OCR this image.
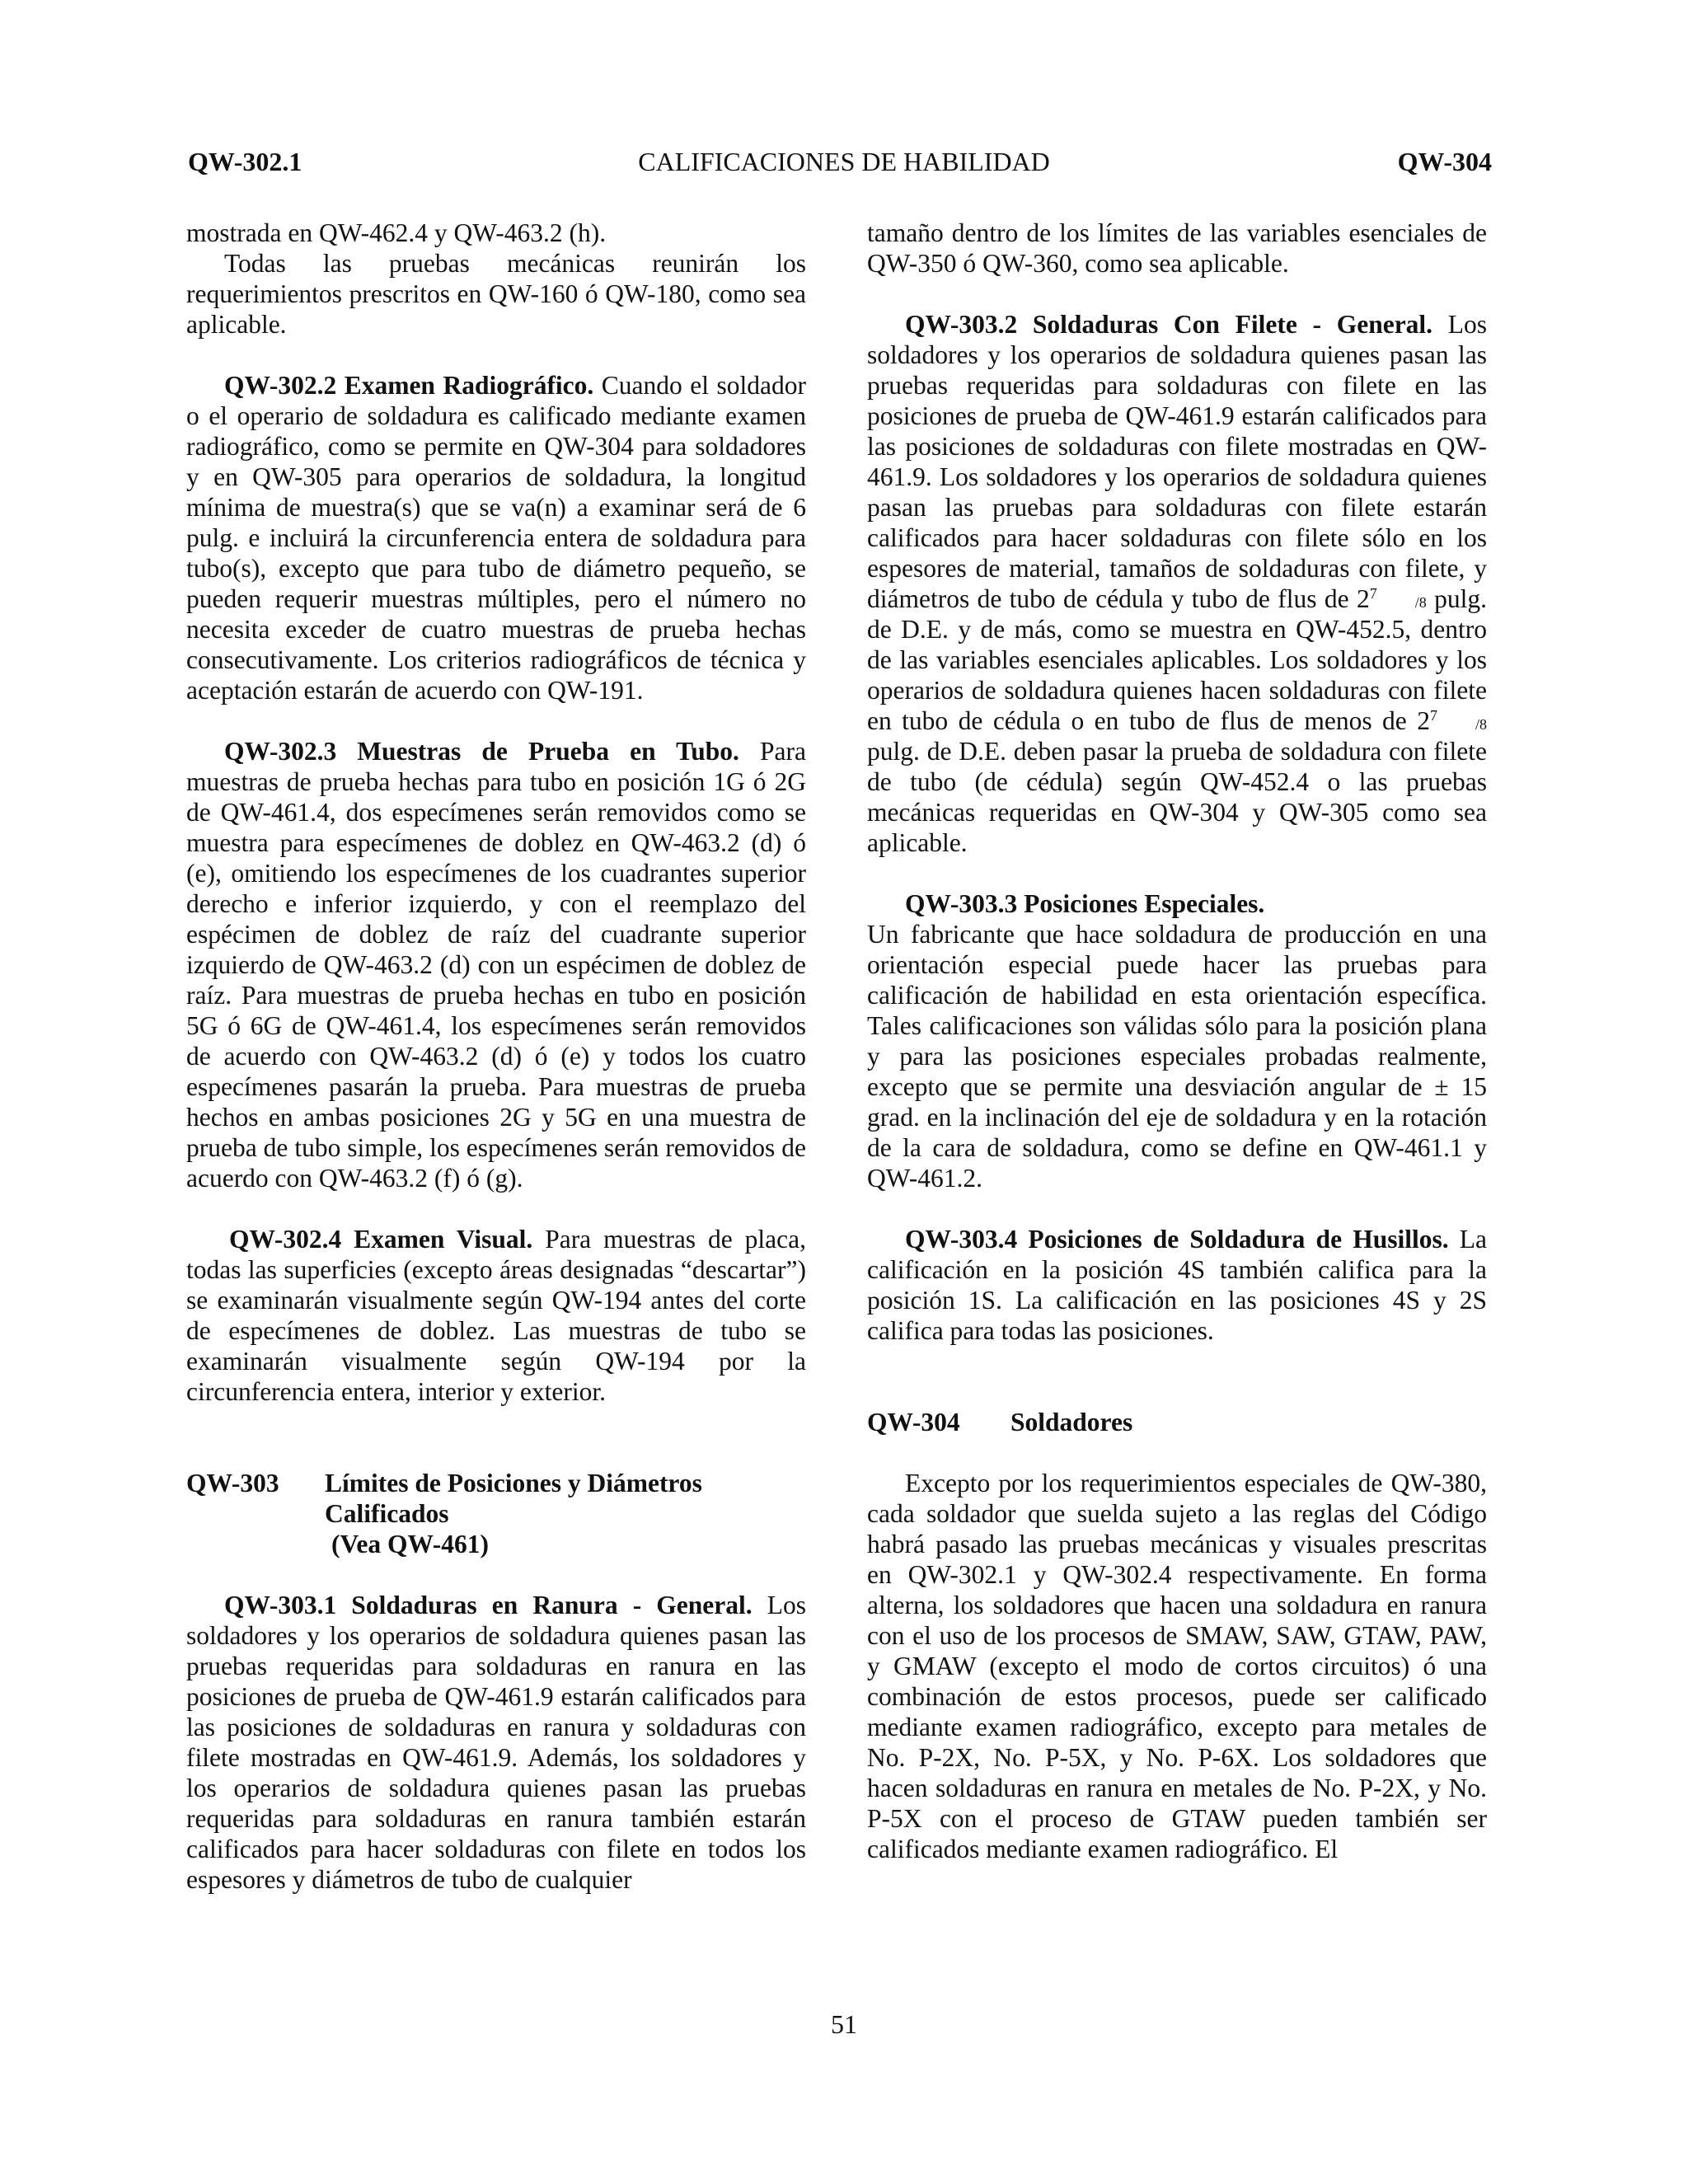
CALIFICACIONES DE HABILIDAD
QW-302.1	QW-304

mostrada en QW-462.4 y QW-463.2 (h).

Todas las pruebas mecánicas reunirán los requerimientos prescritos en QW-160 ó QW-180, como sea aplicable.

QW-302.2 Examen Radiográfico. Cuando el soldador o el operario de soldadura es calificado mediante examen radiográfico, como se permite en QW-304 para soldadores y en QW-305 para operarios de soldadura, la longitud mínima de muestra(s) que se va(n) a examinar será de 6 pulg. e incluirá la circunferencia entera de soldadura para tubo(s), excepto que para tubo de diámetro pequeño, se pueden requerir muestras múltiples, pero el número no necesita exceder de cuatro muestras de prueba hechas consecutivamente. Los criterios radiográficos de técnica y aceptación estarán de acuerdo con QW-191.

QW-302.3 Muestras de Prueba en Tubo. Para muestras de prueba hechas para tubo en posición 1G ó 2G de QW-461.4, dos especímenes serán removidos como se muestra para especímenes de doblez en QW-463.2 (d) ó (e), omitiendo los especímenes de los cuadrantes superior derecho e inferior izquierdo, y con el reemplazo del espécimen de doblez de raíz del cuadrante superior izquierdo de QW-463.2 (d) con un espécimen de doblez de raíz. Para muestras de prueba hechas en tubo en posición 5G ó 6G de QW-461.4, los especímenes serán removidos de acuerdo con QW-463.2 (d) ó (e) y todos los cuatro especímenes pasarán la prueba. Para muestras de prueba hechos en ambas posiciones 2G y 5G en una muestra de prueba de tubo simple, los especímenes serán removidos de acuerdo con QW-463.2 (f) ó (g).

QW-302.4 Examen Visual. Para muestras de placa, todas las superficies (excepto áreas designadas “descartar”) se examinarán visualmente según QW-194 antes del corte de especímenes de doblez. Las muestras de tubo se examinarán visualmente según QW-194 por la circunferencia entera, interior y exterior.

QW-303	Límites de Posiciones y Diámetros
Calificados
(Vea QW-461)

QW-303.1 Soldaduras en Ranura - General. Los soldadores y los operarios de soldadura quienes pasan las pruebas requeridas para soldaduras en ranura en las posiciones de prueba de QW-461.9 estarán calificados para las posiciones de soldaduras en ranura y soldaduras con filete mostradas en QW-461.9. Además, los soldadores y los operarios de soldadura quienes pasan las pruebas requeridas para soldaduras en ranura también estarán calificados para hacer soldaduras con filete en todos los espesores y diámetros de tubo de cualquier

tamaño dentro de los límites de las variables esenciales de QW-350 ó QW-360, como sea aplicable.

QW-303.2 Soldaduras Con Filete - General. Los soldadores y los operarios de soldadura quienes pasan las pruebas requeridas para soldaduras con filete en las posiciones de prueba de QW-461.9 estarán calificados para las posiciones de soldaduras con filete mostradas en QW-461.9. Los soldadores y los operarios de soldadura quienes pasan las pruebas para soldaduras con filete estarán calificados para hacer soldaduras con filete sólo en los espesores de material, tamaños de soldaduras con filete, y diámetros de tubo de cédula y tubo de flus de $2^7/8$ pulg. de D.E. y de más, como se muestra en QW-452.5, dentro de las variables esenciales aplicables. Los soldadores y los operarios de soldadura quienes hacen soldaduras con filete en tubo de cédula o en tubo de flus de menos de $2^7/8$ pulg. de D.E. deben pasar la prueba de soldadura con filete de tubo (de cédula) según QW-452.4 o las pruebas mecánicas requeridas en QW-304 y QW-305 como sea aplicable.

QW-303.3 Posiciones Especiales.

Un fabricante que hace soldadura de producción en una orientación especial puede hacer las pruebas para calificación de habilidad en esta orientación específica. Tales calificaciones son válidas sólo para la posición plana y para las posiciones especiales probadas realmente, excepto que se permite una desviación angular de ± 15 grad. en la inclinación del eje de soldadura y en la rotación de la cara de soldadura, como se define en QW-461.1 y QW-461.2.

QW-303.4 Posiciones de Soldadura de Husillos. La calificación en la posición 4S también califica para la posición 1S. La calificación en las posiciones 4S y 2S califica para todas las posiciones.

QW-304	Soldadores

Excepto por los requerimientos especiales de QW-380, cada soldador que suelda sujeto a las reglas del Código habrá pasado las pruebas mecánicas y visuales prescritas en QW-302.1 y QW-302.4 respectivamente. En forma alterna, los soldadores que hacen una soldadura en ranura con el uso de los procesos de SMAW, SAW, GTAW, PAW, y GMAW (excepto el modo de cortos circuitos) ó una combinación de estos procesos, puede ser calificado mediante examen radiográfico, excepto para metales de No. P-2X, No. P-5X, y No. P-6X. Los soldadores que hacen soldaduras en ranura en metales de No. P-2X, y No. P-5X con el proceso de GTAW pueden también ser calificados mediante examen radiográfico. El

51
